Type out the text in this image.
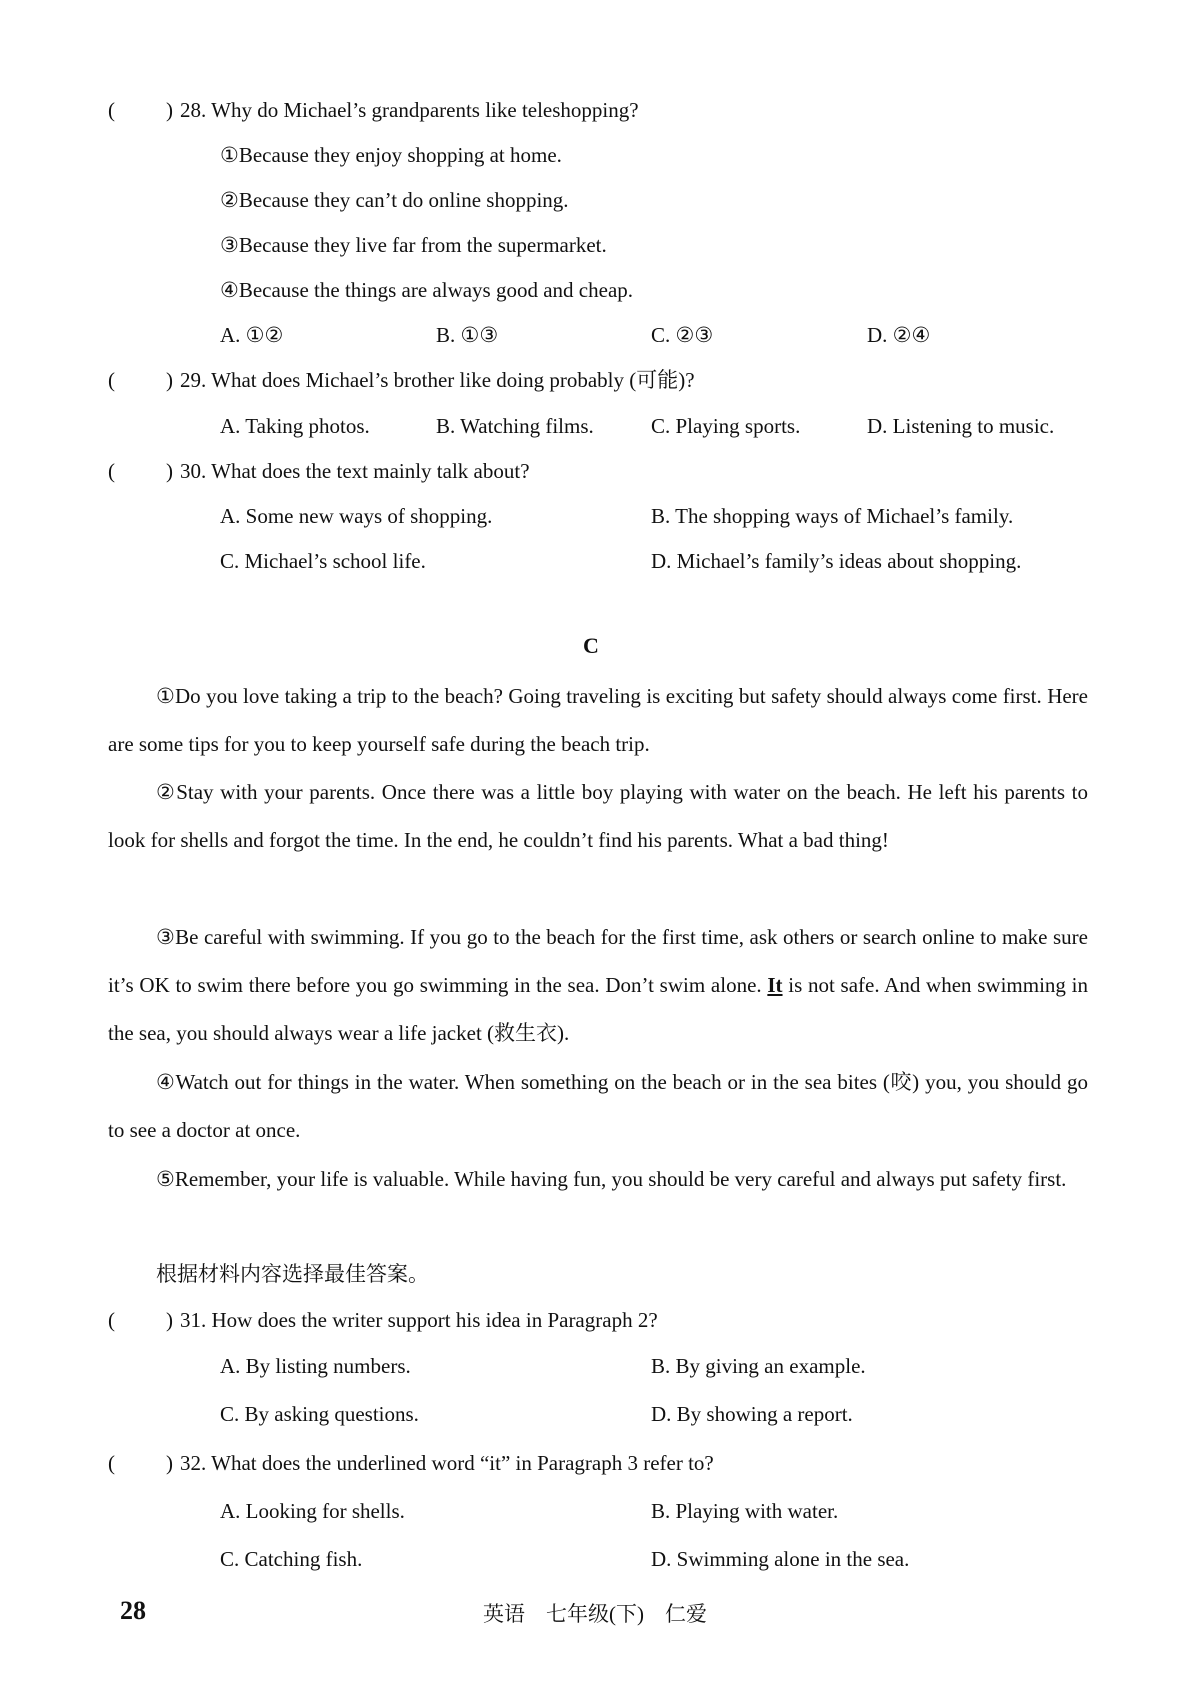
( ) 28. Why do Michael’s grandparents like teleshopping?
①Because they enjoy shopping at home.
②Because they can’t do online shopping.
③Because they live far from the supermarket.
④Because the things are always good and cheap.
A. ①②	B. ①③	C. ②③	D. ②④
( ) 29. What does Michael’s brother like doing probably (可能)?
A. Taking photos.	B. Watching films.	C. Playing sports.	D. Listening to music.
( ) 30. What does the text mainly talk about?
A. Some new ways of shopping.	B. The shopping ways of Michael’s family.
C. Michael’s school life.	D. Michael’s family’s ideas about shopping.
C
①Do you love taking a trip to the beach? Going traveling is exciting but safety should always come first. Here are some tips for you to keep yourself safe during the beach trip.
②Stay with your parents. Once there was a little boy playing with water on the beach. He left his parents to look for shells and forgot the time. In the end, he couldn’t find his parents. What a bad thing!
③Be careful with swimming. If you go to the beach for the first time, ask others or search online to make sure it’s OK to swim there before you go swimming in the sea. Don’t swim alone. It is not safe. And when swimming in the sea, you should always wear a life jacket (救生衣).
④Watch out for things in the water. When something on the beach or in the sea bites (咬) you, you should go to see a doctor at once.
⑤Remember, your life is valuable. While having fun, you should be very careful and always put safety first.
根据材料内容选择最佳答案。
( ) 31. How does the writer support his idea in Paragraph 2?
A. By listing numbers.	B. By giving an example.
C. By asking questions.	D. By showing a report.
( ) 32. What does the underlined word “it” in Paragraph 3 refer to?
A. Looking for shells.	B. Playing with water.
C. Catching fish.	D. Swimming alone in the sea.
28	英语　七年级(下)　仁爱
